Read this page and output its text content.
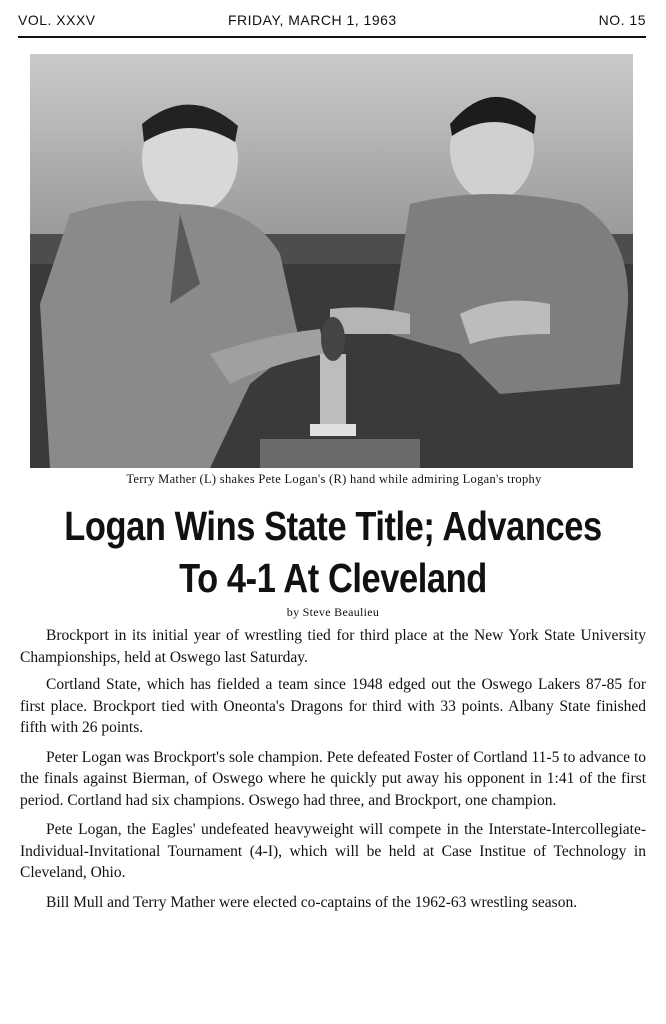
VOL. XXXV	FRIDAY, MARCH 1, 1963	NO. 15
Terry Mather (L) shakes Pete Logan's (R) hand while admiring Logan's trophy
Logan Wins State Title; Advances
To 4-1 At Cleveland
by Steve Beaulieu

Brockport in its initial year of wrestling tied for third place at the New York State University Championships, held at Oswego last Saturday.

Cortland State, which has fielded a team since 1948 edged out the Oswego Lakers 87-85 for first place. Brockport tied with Oneonta's Dragons for third with 33 points. Albany State finished fifth with 26 points.

Peter Logan was Brockport's sole champion. Pete defeated Foster of Cortland 11-5 to advance to the finals against Bierman, of Oswego where he quickly put away his opponent in 1:41 of the first period. Cortland had six champions. Oswego had three, and Brockport, one champion.

Pete Logan, the Eagles' undefeated heavyweight will compete in the Interstate-Intercollegiate-Individual-Invitational Tournament (4-I), which will be held at Case Institue of Technology in Cleveland, Ohio.

Bill Mull and Terry Mather were elected co-captains of the 1962-63 wrestling season.
